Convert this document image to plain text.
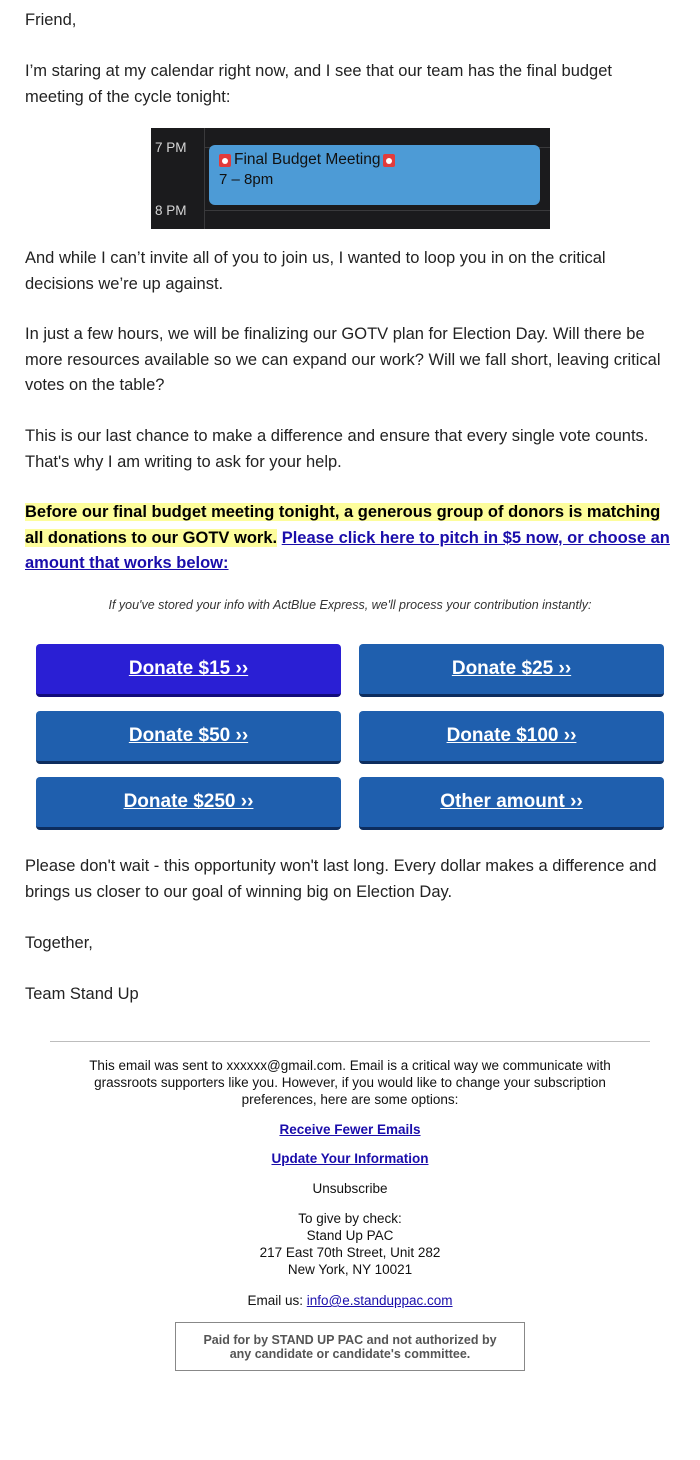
Friend,
I’m staring at my calendar right now, and I see that our team has the final budget meeting of the cycle tonight:
7 PM
8 PM
Final Budget Meeting
7 – 8pm
And while I can’t invite all of you to join us, I wanted to loop you in on the critical decisions we’re up against.
In just a few hours, we will be finalizing our GOTV plan for Election Day. Will there be more resources available so we can expand our work? Will we fall short, leaving critical votes on the table?
This is our last chance to make a difference and ensure that every single vote counts. That's why I am writing to ask for your help.
Before our final budget meeting tonight, a generous group of donors is matching all donations to our GOTV work. Please click here to pitch in $5 now, or choose an amount that works below:
If you've stored your info with ActBlue Express, we'll process your contribution instantly:
Donate $15 ››	Donate $25 ››
Donate $50 ››	Donate $100 ››
Donate $250 ››	Other amount ››
Please don't wait - this opportunity won't last long. Every dollar makes a difference and brings us closer to our goal of winning big on Election Day.
Together,
Team Stand Up
This email was sent to xxxxxx@gmail.com. Email is a critical way we communicate with grassroots supporters like you. However, if you would like to change your subscription preferences, here are some options:
Receive Fewer Emails
Update Your Information
Unsubscribe
To give by check:
Stand Up PAC
217 East 70th Street, Unit 282
New York, NY 10021
Email us: info@e.standuppac.com
Paid for by STAND UP PAC and not authorized by
any candidate or candidate's committee.
